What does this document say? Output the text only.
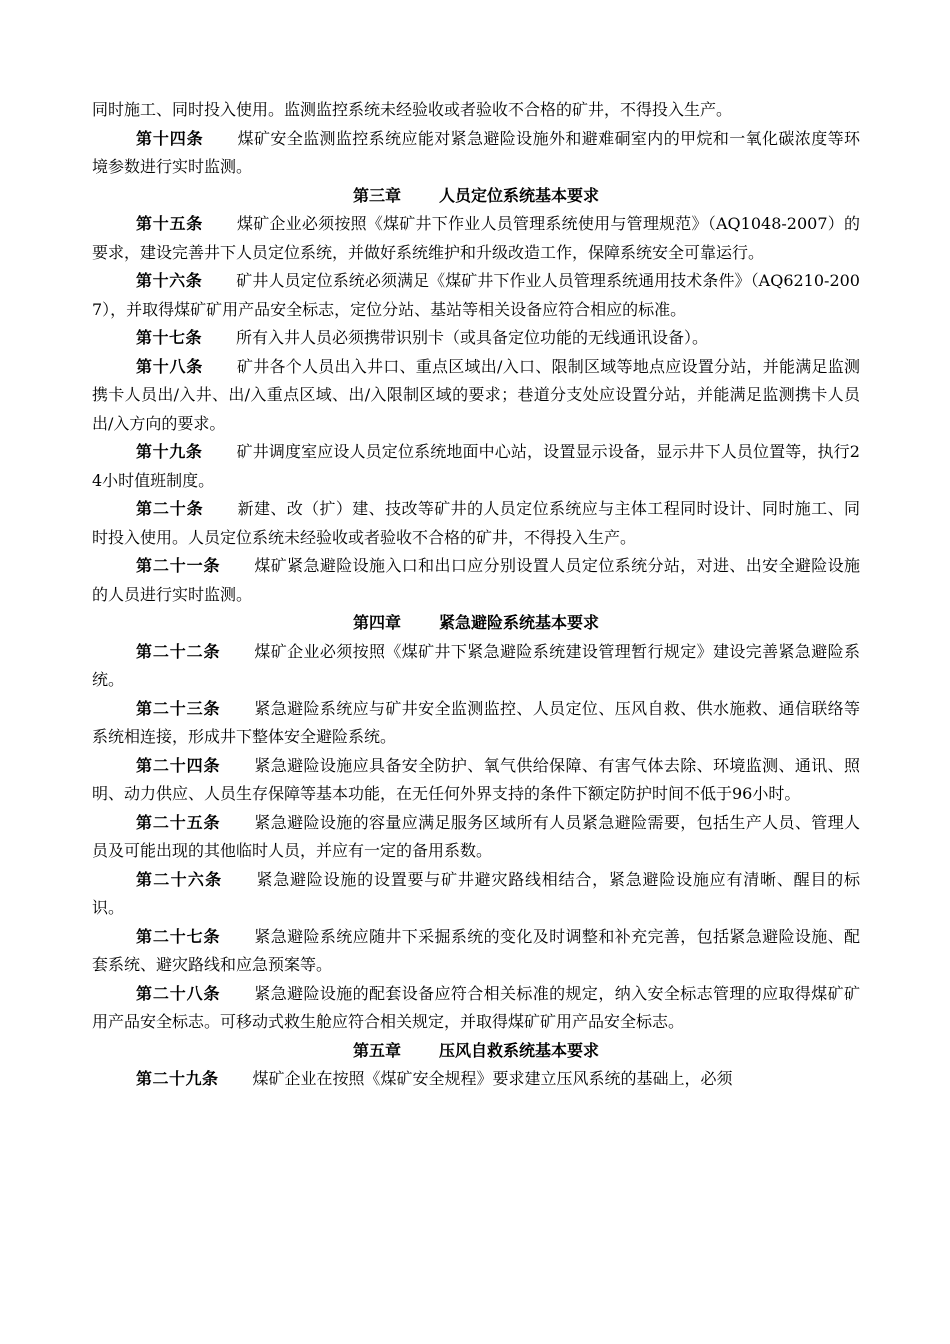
同时施工、同时投入使用。监测监控系统未经验收或者验收不合格的矿井，不得投入生产。

第十四条 煤矿安全监测监控系统应能对紧急避险设施外和避难硐室内的甲烷和一氧化碳浓度等环境参数进行实时监测。

第三章 人员定位系统基本要求

第十五条 煤矿企业必须按照《煤矿井下作业人员管理系统使用与管理规范》（AQ1048-2007）的要求，建设完善井下人员定位系统，并做好系统维护和升级改造工作，保障系统安全可靠运行。

第十六条 矿井人员定位系统必须满足《煤矿井下作业人员管理系统通用技术条件》（AQ6210-2007），并取得煤矿矿用产品安全标志，定位分站、基站等相关设备应符合相应的标准。

第十七条 所有入井人员必须携带识别卡（或具备定位功能的无线通讯设备）。

第十八条 矿井各个人员出入井口、重点区域出/入口、限制区域等地点应设置分站，并能满足监测携卡人员出/入井、出/入重点区域、出/入限制区域的要求；巷道分支处应设置分站，并能满足监测携卡人员出/入方向的要求。

第十九条 矿井调度室应设人员定位系统地面中心站，设置显示设备，显示井下人员位置等，执行24小时值班制度。

第二十条 新建、改（扩）建、技改等矿井的人员定位系统应与主体工程同时设计、同时施工、同时投入使用。人员定位系统未经验收或者验收不合格的矿井，不得投入生产。

第二十一条 煤矿紧急避险设施入口和出口应分别设置人员定位系统分站，对进、出安全避险设施的人员进行实时监测。

第四章 紧急避险系统基本要求

第二十二条 煤矿企业必须按照《煤矿井下紧急避险系统建设管理暂行规定》建设完善紧急避险系统。

第二十三条 紧急避险系统应与矿井安全监测监控、人员定位、压风自救、供水施救、通信联络等系统相连接，形成井下整体安全避险系统。

第二十四条 紧急避险设施应具备安全防护、氧气供给保障、有害气体去除、环境监测、通讯、照明、动力供应、人员生存保障等基本功能，在无任何外界支持的条件下额定防护时间不低于96小时。

第二十五条 紧急避险设施的容量应满足服务区域所有人员紧急避险需要，包括生产人员、管理人员及可能出现的其他临时人员，并应有一定的备用系数。

第二十六条 紧急避险设施的设置要与矿井避灾路线相结合，紧急避险设施应有清晰、醒目的标识。

第二十七条 紧急避险系统应随井下采掘系统的变化及时调整和补充完善，包括紧急避险设施、配套系统、避灾路线和应急预案等。

第二十八条 紧急避险设施的配套设备应符合相关标准的规定，纳入安全标志管理的应取得煤矿矿用产品安全标志。可移动式救生舱应符合相关规定，并取得煤矿矿用产品安全标志。

第五章 压风自救系统基本要求

第二十九条 煤矿企业在按照《煤矿安全规程》要求建立压风系统的基础上，必须
